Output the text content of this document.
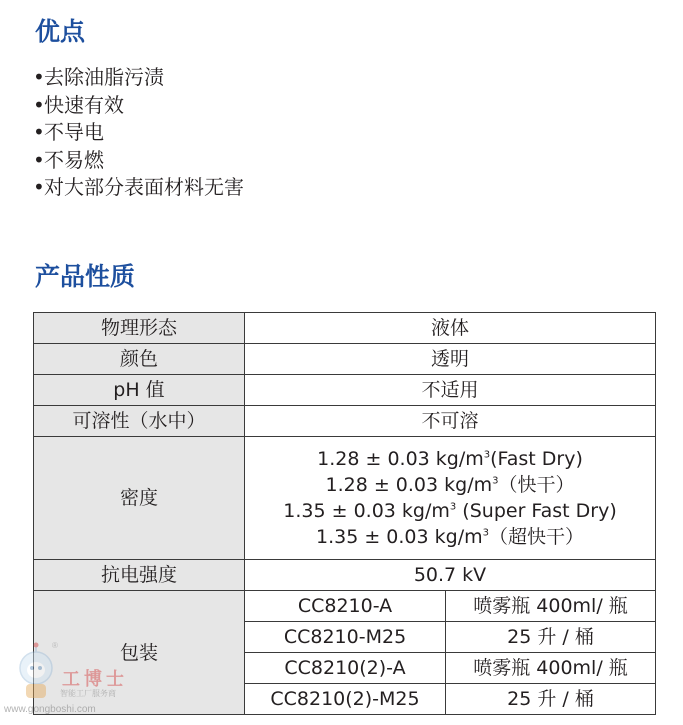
优点
•去除油脂污渍
•快速有效
•不导电
•不易燃
•对大部分表面材料无害
产品性质
物理形态	液体	
颜色	透明	
pH 值	不适用	
可溶性（水中）	不可溶	
密度	1.28 ± 0.03 $kg/m^3(Fast$ Dry)
1.28 ± 0.03 $kg/m^3$（快干）
1.35 ± 0.03 $kg/m^3$ (Super Fast Dry)
1.35 ± 0.03 $kg/m^3$（超快干）	

抗电强度	50.7 kV	
包装	CC8210-A	喷雾瓶 400ml/ 瓶
	CC8210-M25	25 升 / 桶
	CC8210(2)-A	喷雾瓶 400ml/ 瓶
	CC8210(2)-M25	25 升 / 桶
工博士
智能工厂服务商
www.gongboshi.com
®
